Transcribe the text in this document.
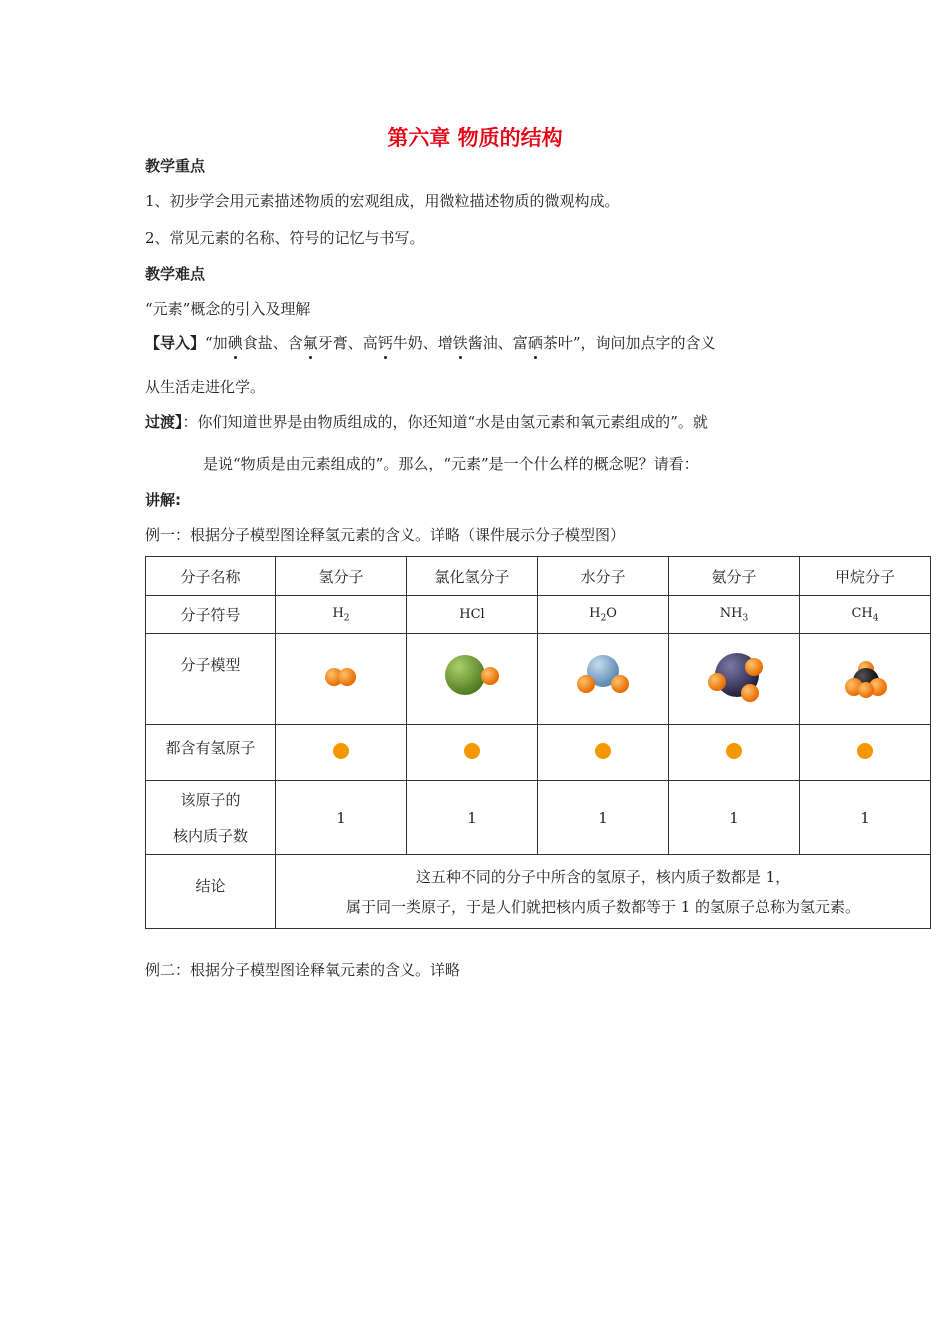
第六章 物质的结构
教学重点
1、初步学会用元素描述物质的宏观组成，用微粒描述物质的微观构成。
2、常见元素的名称、符号的记忆与书写。
教学难点
“元素”概念的引入及理解
【导入】“加碘食盐、含氟牙膏、高钙牛奶、增铁酱油、富硒茶叶”，询问加点字的含义
从生活走进化学。
过渡】：你们知道世界是由物质组成的，你还知道“水是由氢元素和氧元素组成的”。就
是说“物质是由元素组成的”。那么，“元素”是一个什么样的概念呢？请看：
讲解:
例一：根据分子模型图诠释氢元素的含义。详略（课件展示分子模型图）
分子名称	氢分子	氯化氢分子	水分子	氨分子	甲烷分子
分子符号	$H_2$	HCl	$H_2O$	$NH_3$	$CH_4$
分子模型					
都含有氢原子					

该原子的
核内质子数	1	1	1	1	1
结论	这五种不同的分子中所含的氢原子，核内质子数都是 1，
属于同一类原子，于是人们就把核内质子数都等于 1 的氢原子总称为氢元素。				
例二：根据分子模型图诠释氧元素的含义。详略
